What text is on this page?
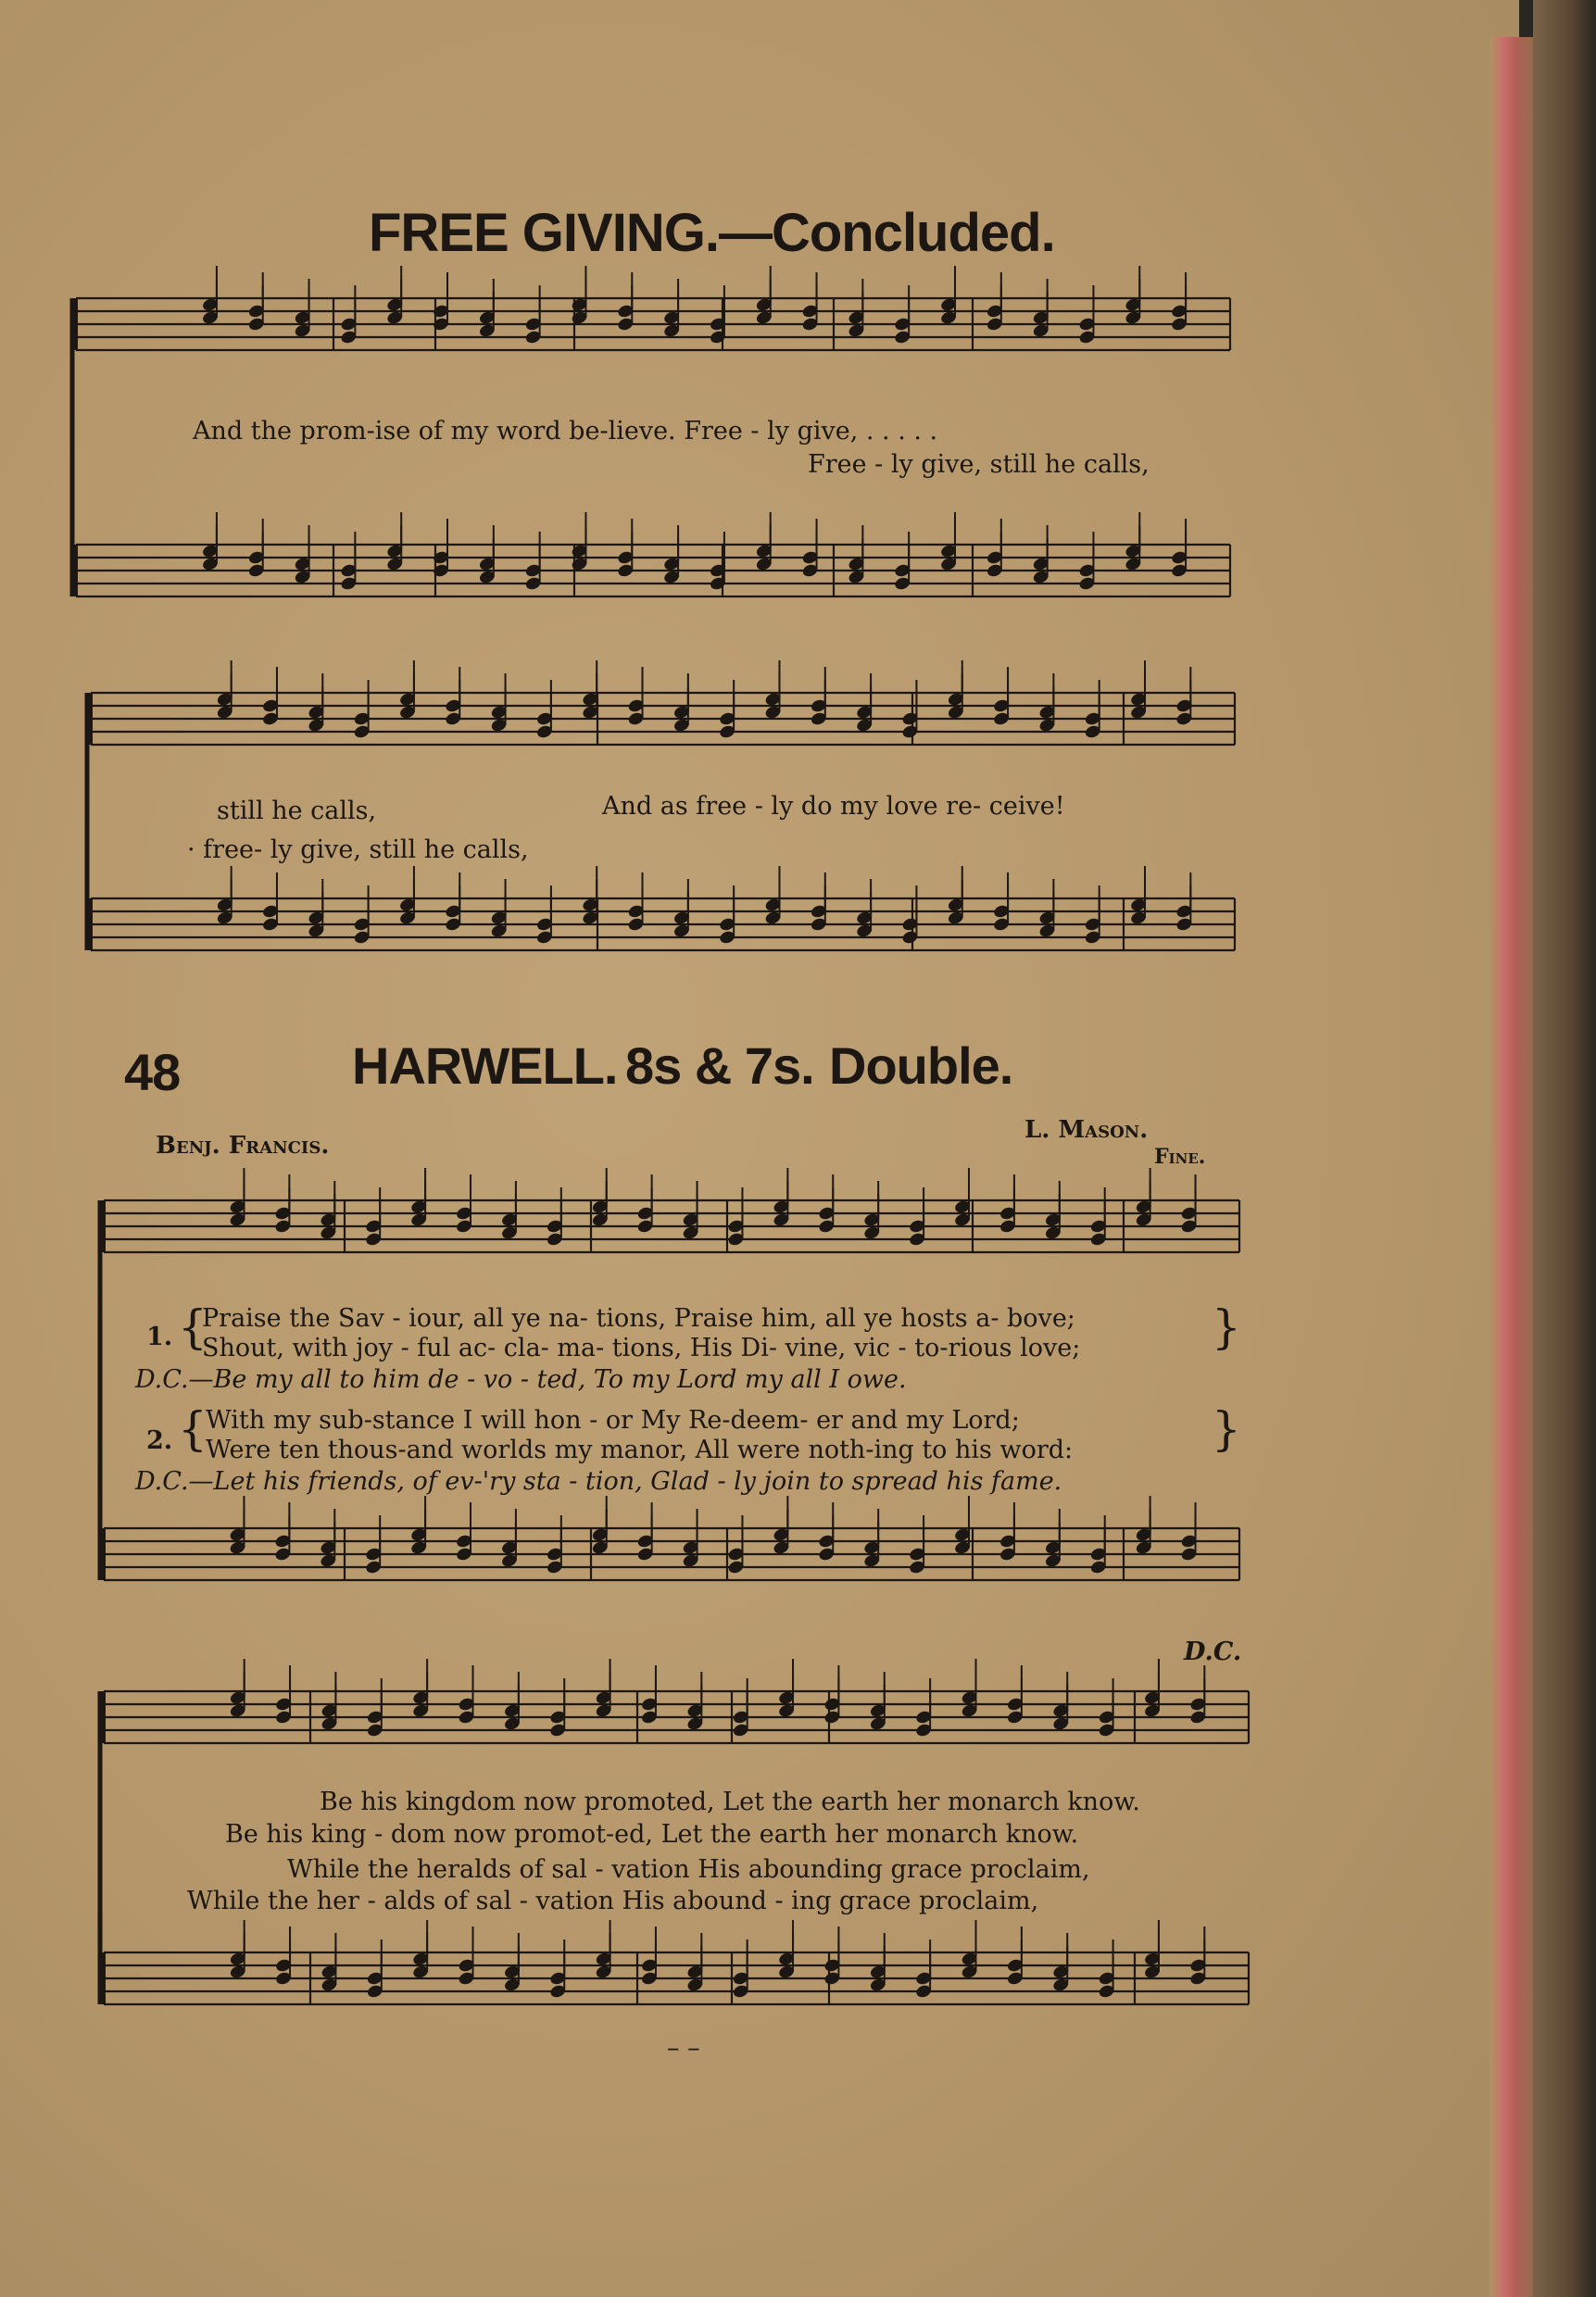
FREE GIVING.—Concluded.
And the prom-ise of my word be-lieve. Free - ly give, . . . . .
Free - ly give, still he calls,
still he calls,	And as free - ly do my love re- ceive!
· free- ly give, still he calls,
48	HARWELL. 8s & 7s. Double.
Benj. Francis.
L. Mason.
Fine.
1. {
Praise the Sav - iour, all ye na- tions, Praise him, all ye hosts a- bove;
Shout, with joy - ful ac- cla- ma- tions, His Di- vine, vic - to-rious love;	}
D.C.—Be my all to him de - vo - ted, To my Lord my all I owe.
2. {
With my sub-stance I will hon - or My Re-deem- er and my Lord;
Were ten thous-and worlds my manor, All were noth-ing to his word:	}
D.C.—Let his friends, of ev-'ry sta - tion, Glad - ly join to spread his fame.
D.C.
Be his kingdom now promoted, Let the earth her monarch know.
Be his king - dom now promot-ed, Let the earth her monarch know.
While the heralds of sal - vation His abounding grace proclaim,
While the her - alds of sal - vation His abound - ing grace proclaim,
– –
